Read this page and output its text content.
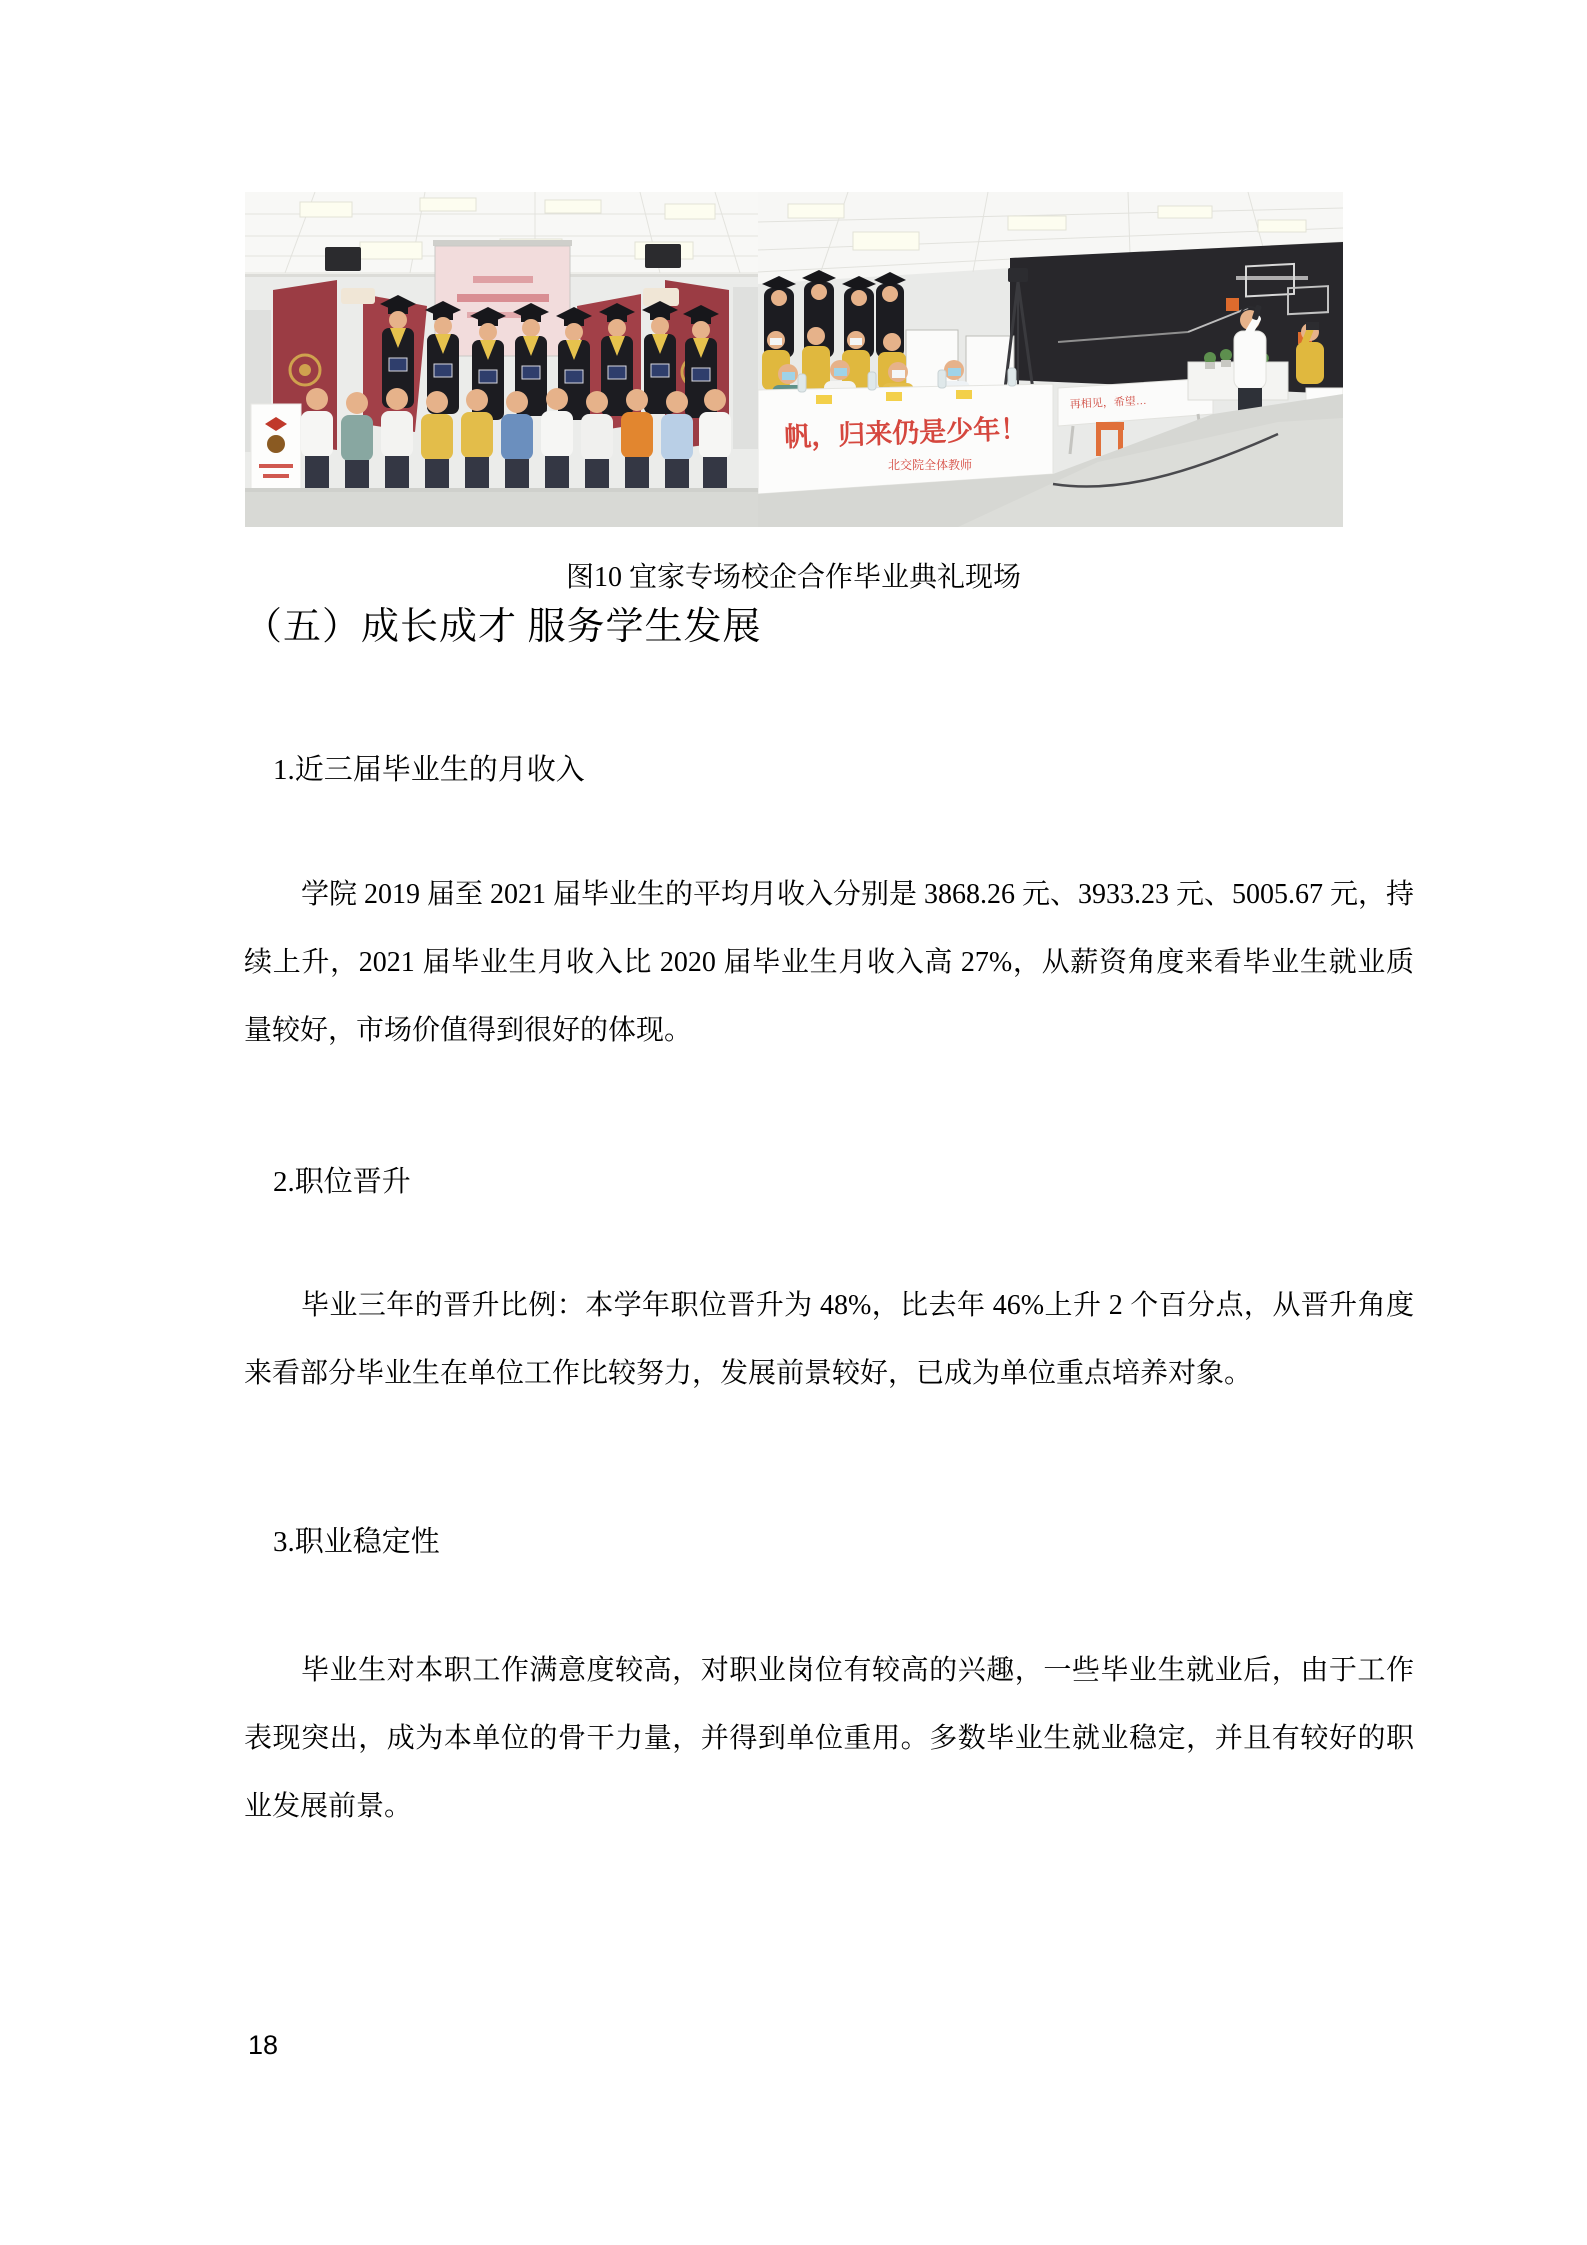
帆，归来仍是少年！
北交院全体教师
再相见，希望…
图10 宜家专场校企合作毕业典礼现场
（五）成长成才 服务学生发展
1.近三届毕业生的月收入
学院 2019 届至 2021 届毕业生的平均月收入分别是 3868.26 元、3933.23 元、5005.67 元，持续上升，2021 届毕业生月收入比 2020 届毕业生月收入高 27%，从薪资角度来看毕业生就业质量较好，市场价值得到很好的体现。
2.职位晋升
毕业三年的晋升比例：本学年职位晋升为 48%，比去年 46%上升 2 个百分点，从晋升角度来看部分毕业生在单位工作比较努力，发展前景较好，已成为单位重点培养对象。
3.职业稳定性
毕业生对本职工作满意度较高，对职业岗位有较高的兴趣，一些毕业生就业后，由于工作表现突出，成为本单位的骨干力量，并得到单位重用。多数毕业生就业稳定，并且有较好的职业发展前景。
18
